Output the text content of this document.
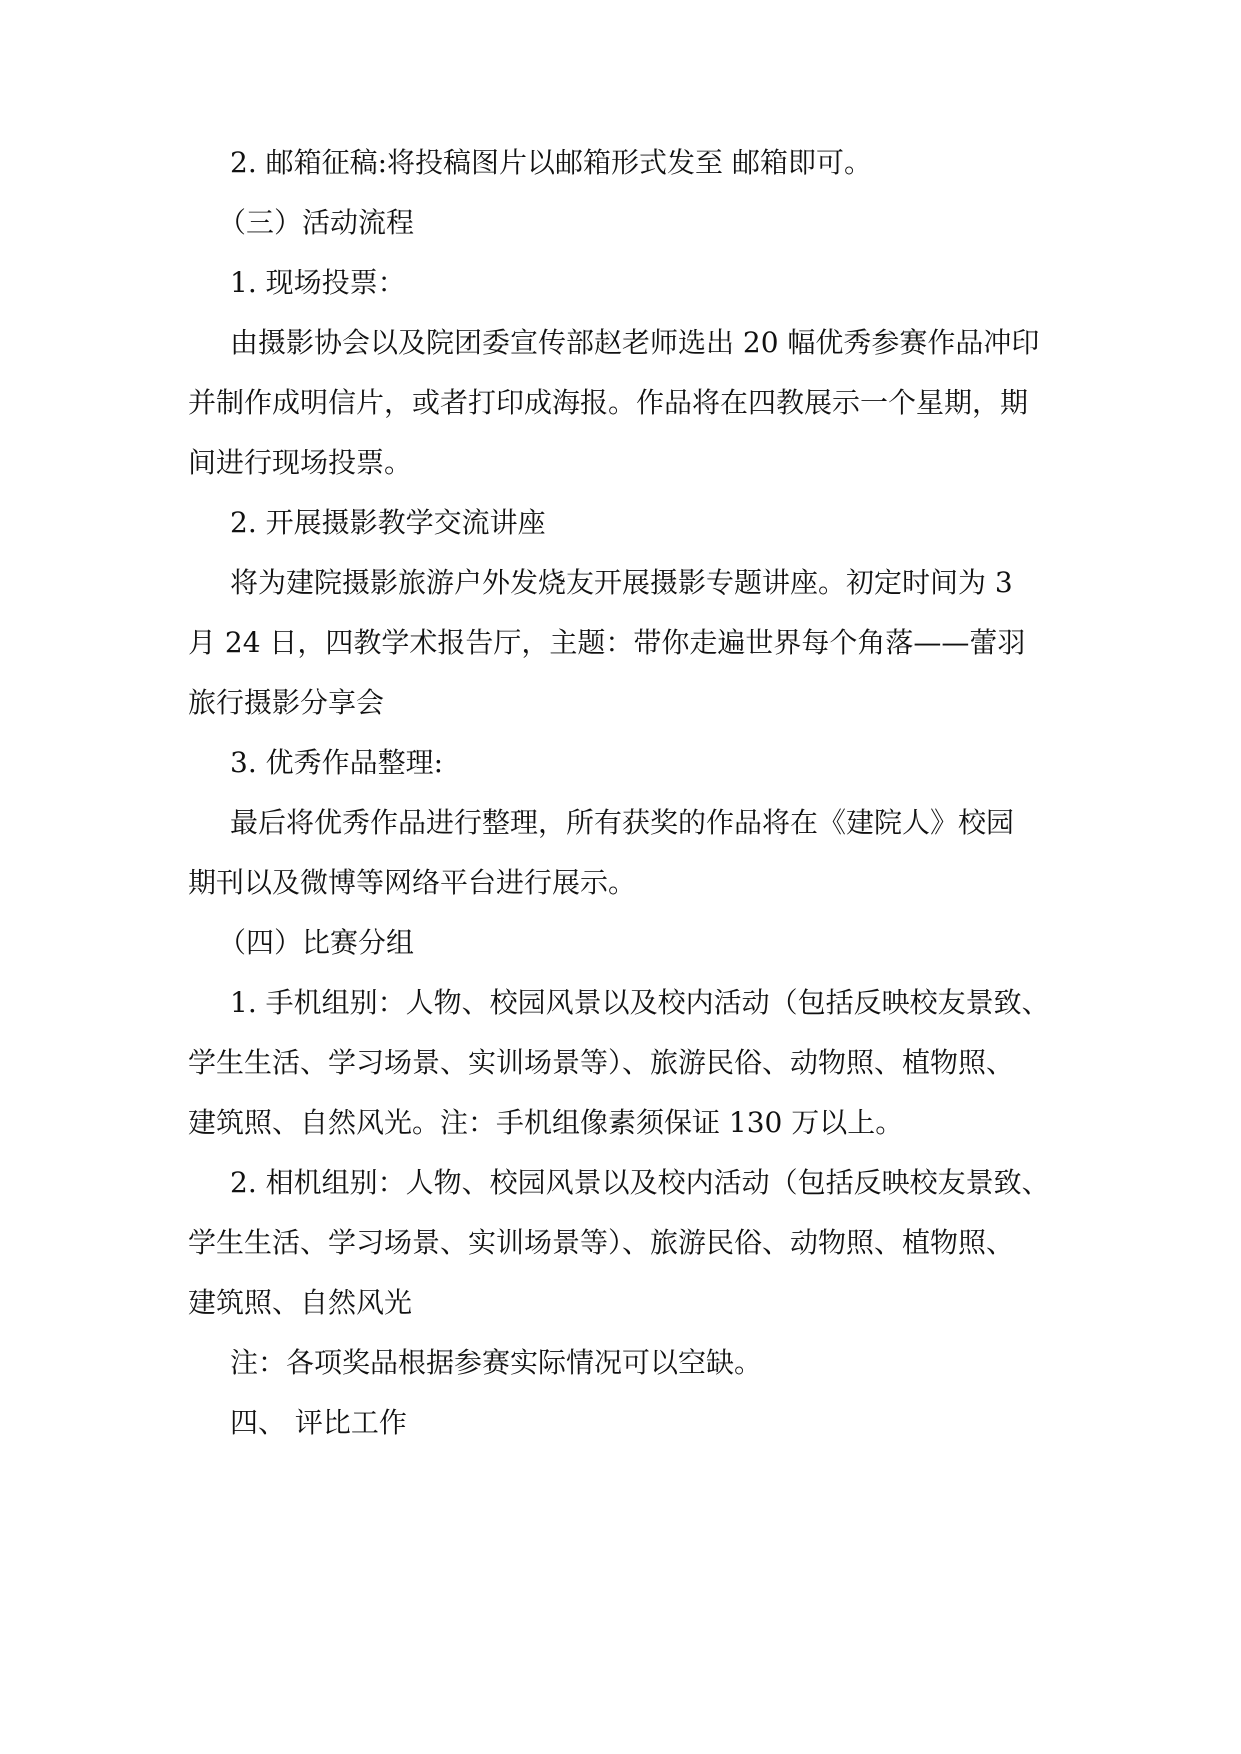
2. 邮箱征稿:将投稿图片以邮箱形式发至 邮箱即可。
（三）活动流程
1. 现场投票：
由摄影协会以及院团委宣传部赵老师选出 20 幅优秀参赛作品冲印
并制作成明信片，或者打印成海报。作品将在四教展示一个星期，期
间进行现场投票。
2. 开展摄影教学交流讲座
将为建院摄影旅游户外发烧友开展摄影专题讲座。初定时间为 3
月 24 日，四教学术报告厅，主题：带你走遍世界每个角落——蕾羽
旅行摄影分享会
3. 优秀作品整理:
最后将优秀作品进行整理，所有获奖的作品将在《建院人》校园
期刊以及微博等网络平台进行展示。
（四）比赛分组
1. 手机组别：人物、校园风景以及校内活动（包括反映校友景致、
学生生活、学习场景、实训场景等）、旅游民俗、动物照、植物照、
建筑照、自然风光。注：手机组像素须保证 130 万以上。
2. 相机组别：人物、校园风景以及校内活动（包括反映校友景致、
学生生活、学习场景、实训场景等）、旅游民俗、动物照、植物照、
建筑照、自然风光
注：各项奖品根据参赛实际情况可以空缺。
四、 评比工作
